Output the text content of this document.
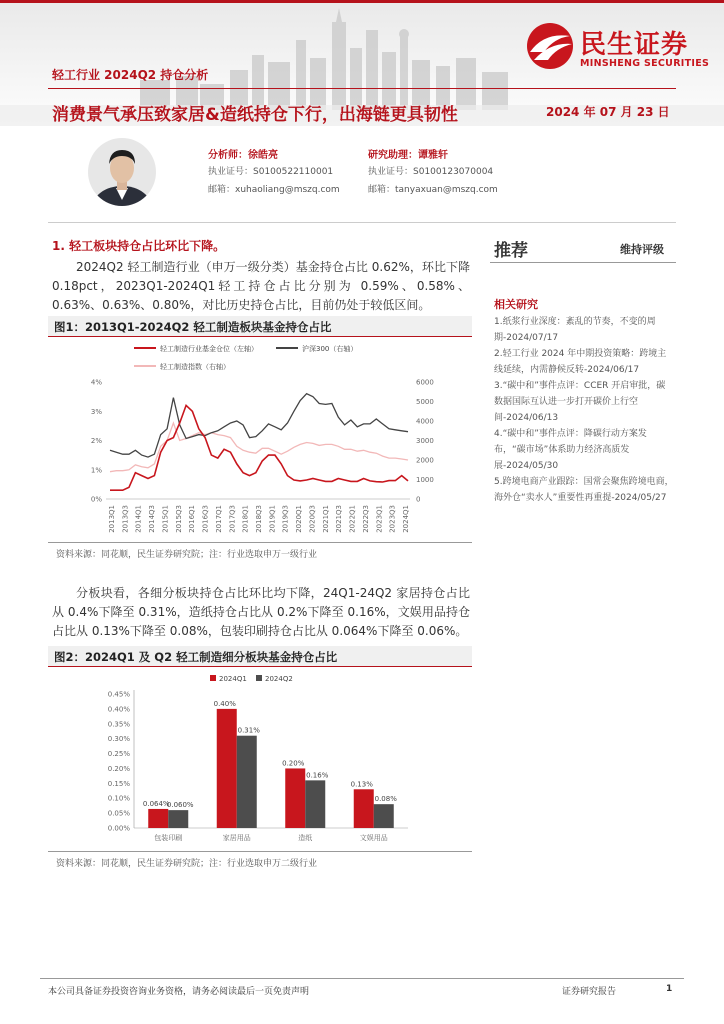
民生证券
MINSHENG SECURITIES
轻工行业 2024Q2 持仓分析
消费景气承压致家居&造纸持仓下行，出海链更具韧性	2024 年 07 月 23 日
分析师：徐皓亮
执业证号：S0100522110001
邮箱：xuhaoliang@mszq.com
研究助理：谭雅轩
执业证号：S0100123070004
邮箱：tanyaxuan@mszq.com
1. 轻工板块持仓占比环比下降。
2024Q2 轻工制造行业（申万一级分类）基金持仓占比 0.62%，环比下降 0.18pct，2023Q1-2024Q1轻工持仓占比分别为 0.59%、0.58%、0.63%、0.63%、0.80%，对比历史持仓占比，目前仍处于较低区间。
图1：2013Q1-2024Q2 轻工制造板块基金持仓占比
轻工制造行业基金仓位（左轴）	沪深300（右轴）
轻工制造指数（右轴）
0%
1%
2%
3%
4%
0
1000
2000
3000
4000
5000
6000
2013Q1 2013Q3 2014Q1 2014Q3 2015Q1 2015Q3 2016Q1 2016Q3 2017Q1 2017Q3 2018Q1 2018Q3 2019Q1 2019Q3 2020Q1 2020Q3 2021Q1 2021Q3 2022Q1 2022Q3 2023Q1 2023Q3 2024Q1
资料来源：同花顺，民生证券研究院；注：行业选取申万一级行业
分板块看，各细分板块持仓占比环比均下降，24Q1-24Q2 家居持仓占比从 0.4%下降至 0.31%，造纸持仓占比从 0.2%下降至 0.16%，文娱用品持仓占比从 0.13%下降至 0.08%，包装印刷持仓占比从 0.064%下降至 0.06%。
图2：2024Q1 及 Q2 轻工制造细分板块基金持仓占比
2024Q1	2024Q2
0.00%
0.05%
0.10%
0.15%
0.20%
0.25%
0.30%
0.35%
0.40%
0.45%
包装印刷
0.064%
0.060%
家居用品
0.40%
0.31%
造纸
0.20%
0.16%
文娱用品
0.13%
0.08%
资料来源：同花顺，民生证券研究院；注：行业选取申万二级行业
推荐	维持评级
相关研究
1.纸浆行业深度：紊乱的节奏，不变的周期-2024/07/17
2.轻工行业 2024 年中期投资策略：跨境主线延续，内需静候反转-2024/06/17
3.“碳中和”事件点评：CCER 开启审批，碳数据国际互认进一步打开碳价上行空间-2024/06/13
4.“碳中和”事件点评：降碳行动方案发布，“碳市场”体系助力经济高质发展-2024/05/30
5.跨境电商产业跟踪：国常会聚焦跨境电商，海外仓“卖水人”重要性再重提-2024/05/27
本公司具备证券投资咨询业务资格，请务必阅读最后一页免责声明	证券研究报告	1
